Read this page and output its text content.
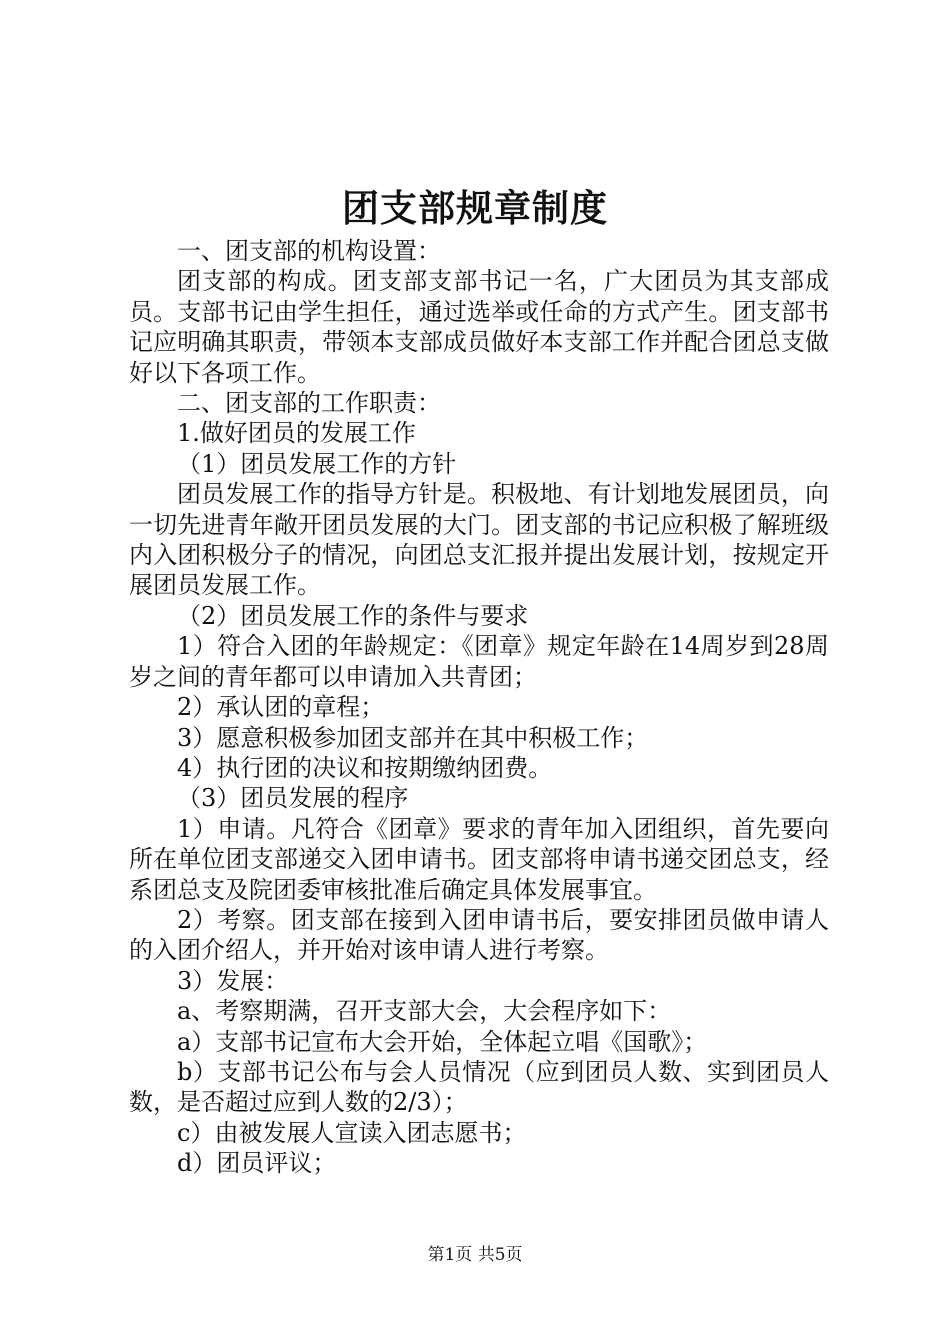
团支部规章制度

一、团支部的机构设置：

团支部的构成。团支部支部书记一名，广大团员为其支部成员。支部书记由学生担任，通过选举或任命的方式产生。团支部书记应明确其职责，带领本支部成员做好本支部工作并配合团总支做好以下各项工作。

二、团支部的工作职责：

1.做好团员的发展工作

（1）团员发展工作的方针

团员发展工作的指导方针是。积极地、有计划地发展团员，向一切先进青年敞开团员发展的大门。团支部的书记应积极了解班级内入团积极分子的情况，向团总支汇报并提出发展计划，按规定开展团员发展工作。

（2）团员发展工作的条件与要求

1）符合入团的年龄规定：《团章》规定年龄在14周岁到28周岁之间的青年都可以申请加入共青团；

2）承认团的章程；

3）愿意积极参加团支部并在其中积极工作；

4）执行团的决议和按期缴纳团费。

（3）团员发展的程序

1）申请。凡符合《团章》要求的青年加入团组织，首先要向所在单位团支部递交入团申请书。团支部将申请书递交团总支，经系团总支及院团委审核批准后确定具体发展事宜。

2）考察。团支部在接到入团申请书后，要安排团员做申请人的入团介绍人，并开始对该申请人进行考察。

3）发展：

a、考察期满，召开支部大会，大会程序如下：

a）支部书记宣布大会开始，全体起立唱《国歌》；

b）支部书记公布与会人员情况（应到团员人数、实到团员人数，是否超过应到人数的2/3）；

c）由被发展人宣读入团志愿书；

d）团员评议；

第1页 共5页
